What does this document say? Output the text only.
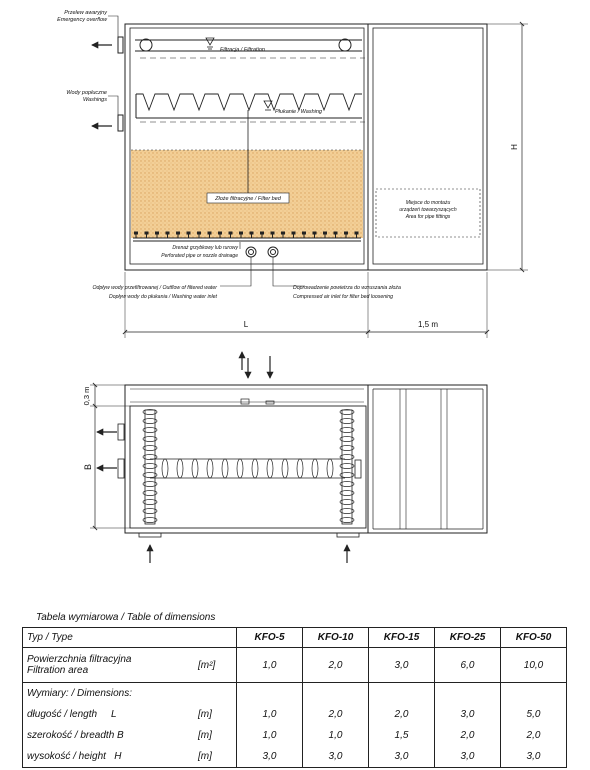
Przelew awaryjny
Emergency overflow
Wody popłuczne
Washings
Filtracja / Filtration
Płukanie / Washing
Złoże filtracyjne / Filter bed
Drenaż grzybkowy lub rurowy
Perforated pipe or nozzle drainage
Odpływ wody przefiltrowanej / Outflow of filtered water
Dopływ wody do płukania / Washing water inlet
Doprowadzenie powietrza do wzruszania złoża
Compressed air inlet for filter bed loosening
Miejsce do montażu
urządzeń towarzyszących
Area for pipe fittings
H
L	1,5 m
0,3 m
B
Tabela wymiarowa / Table of dimensions
Typ / Type		KFO-5	KFO-10	KFO-15	KFO-25	KFO-50

Powierzchnia filtracyjna
Filtration area	[m²]	1,0	2,0	3,0	6,0	10,0
Wymiary: / Dimensions:						
długość / length L	[m]	1,0	2,0	2,0	3,0	5,0
szerokość / breadth B	[m]	1,0	1,0	1,5	2,0	2,0
wysokość / height H	[m]	3,0	3,0	3,0	3,0	3,0
